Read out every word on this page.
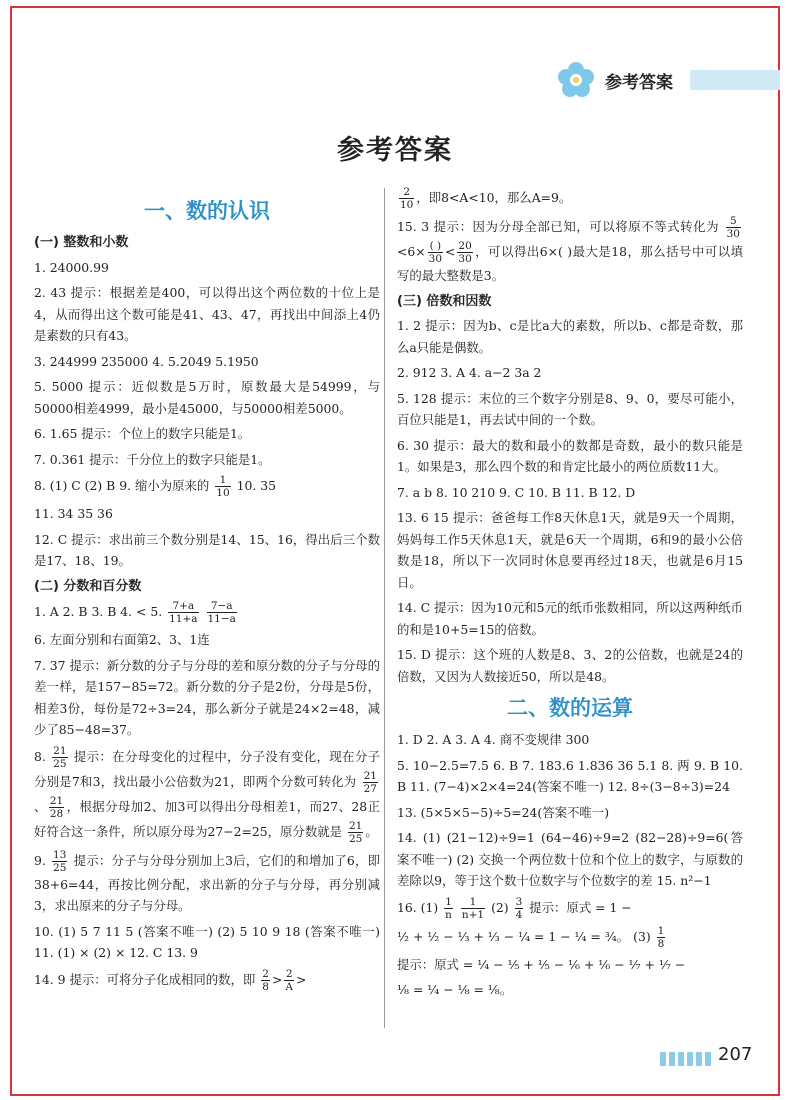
参考答案
参考答案
一、数的认识
(一) 整数和小数
1. 24000.99
2. 43 提示：根据差是400，可以得出这个两位数的十位上是4，从而得出这个数可能是41、43、47，再找出中间添上4仍是素数的只有43。
3. 244999 235000 4. 5.2049 5.1950
5. 5000 提示：近似数是5万时，原数最大是54999，与50000相差4999，最小是45000，与50000相差5000。
6. 1.65 提示：个位上的数字只能是1。
7. 0.361 提示：千分位上的数字只能是1。
8. (1) C (2) B 9. 缩小为原来的 $\frac{1}{10} 10$. 35
11. 34 35 36
12. C 提示：求出前三个数分别是14、15、16，得出后三个数是17、18、19。
(二) 分数和百分数
1. A 2. B 3. B 4. < 5. $\frac{7+a}{11+a}$
$\frac{7-a}{11-a}$
6. 左面分别和右面第2、3、1连
7. 37 提示：新分数的分子与分母的差和原分数的分子与分母的差一样，是157−85=72。新分数的分子是2份，分母是5份，相差3份，每份是72÷3=24，那么新分子就是24×2=48，减少了85−48=37。
8. $\frac{21}{25}$ 提示：在分母变化的过程中，分子没有变化，现在分子分别是7和3，找出最小公倍数为21，即两个分数可转化为 $\frac{21}{27}$
、 $\frac{21}{28}$ ，根据分母加2、加3可以得出分母相差1，而27、28正好符合这一条件，所以原分母为27−2=25，原分数就是 $\frac{21}{25}$ 。
9. $\frac{13}{25}$ 提示：分子与分母分别加上3后，它们的和增加了6，即38+6=44，再按比例分配，求出新的分子与分母，再分别减3，求出原来的分子与分母。
10. (1) 5 7 11 5 (答案不唯一) (2) 5 10 9 18 (答案不唯一) 11. (1) × (2) × 12. C 13. 9
14. 9 提示：可将分子化成相同的数，即 $\frac{2}{8} > \frac{2}{A}$ >
$\frac{2}{10}$ ，即8<A<10，那么A=9。
15. 3 提示：因为分母全部已知，可以将原不等式转化为 $\frac{5}{30}$
$<6\times \frac{( )}{30} < \frac{20}{30}$ ，可以得出6×( )最大是18，那么括号中可以填写的最大整数是3。
(三) 倍数和因数
1. 2 提示：因为b、c是比a大的素数，所以b、c都是奇数，那么a只能是偶数。
2. 912 3. A 4. a−2 3a 2
5. 128 提示：末位的三个数字分别是8、9、0，要尽可能小，百位只能是1，再去试中间的一个数。
6. 30 提示：最大的数和最小的数都是奇数，最小的数只能是1。如果是3，那么四个数的和肯定比最小的两位质数11大。
7. a b 8. 10 210 9. C 10. B 11. B 12. D
13. 6 15 提示：爸爸每工作8天休息1天，就是9天一个周期，妈妈每工作5天休息1天，就是6天一个周期，6和9的最小公倍数是18，所以下一次同时休息要再经过18天，也就是6月15日。
14. C 提示：因为10元和5元的纸币张数相同，所以这两种纸币的和是10+5=15的倍数。
15. D 提示：这个班的人数是8、3、2的公倍数，也就是24的倍数，又因为人数接近50，所以是48。
二、数的运算
1. D 2. A 3. A 4. 商不变规律 300
5. 10−2.5=7.5 6. B 7. 183.6 1.836 36 5.1 8. 两 9. B 10. B 11. (7−4)×2×4=24(答案不唯一) 12. 8÷(3−8÷3)=24
13. (5×5×5−5)÷5=24(答案不唯一)
14. (1) (21−12)÷9=1 (64−46)÷9=2 (82−28)÷9=6(答案不唯一) (2) 交换一个两位数十位和个位上的数字，与原数的差除以9，等于这个数十位数字与个位数字的差 15. n²−1
16. $(1) \frac{1}{n}$
$\frac{1}{n+1} (2) \frac{3}{4}$ 提示：原式 = 1 −
½ + ½ − ⅓ + ⅓ − ¼ = 1 − ¼ = ¾。 $(3) \frac{1}{8}$
提示：原式 = ¼ − ⅕ + ⅕ − ⅙ + ⅙ − ⅐ + ⅐ −
⅛ = ¼ − ⅛ = ⅛。
207
